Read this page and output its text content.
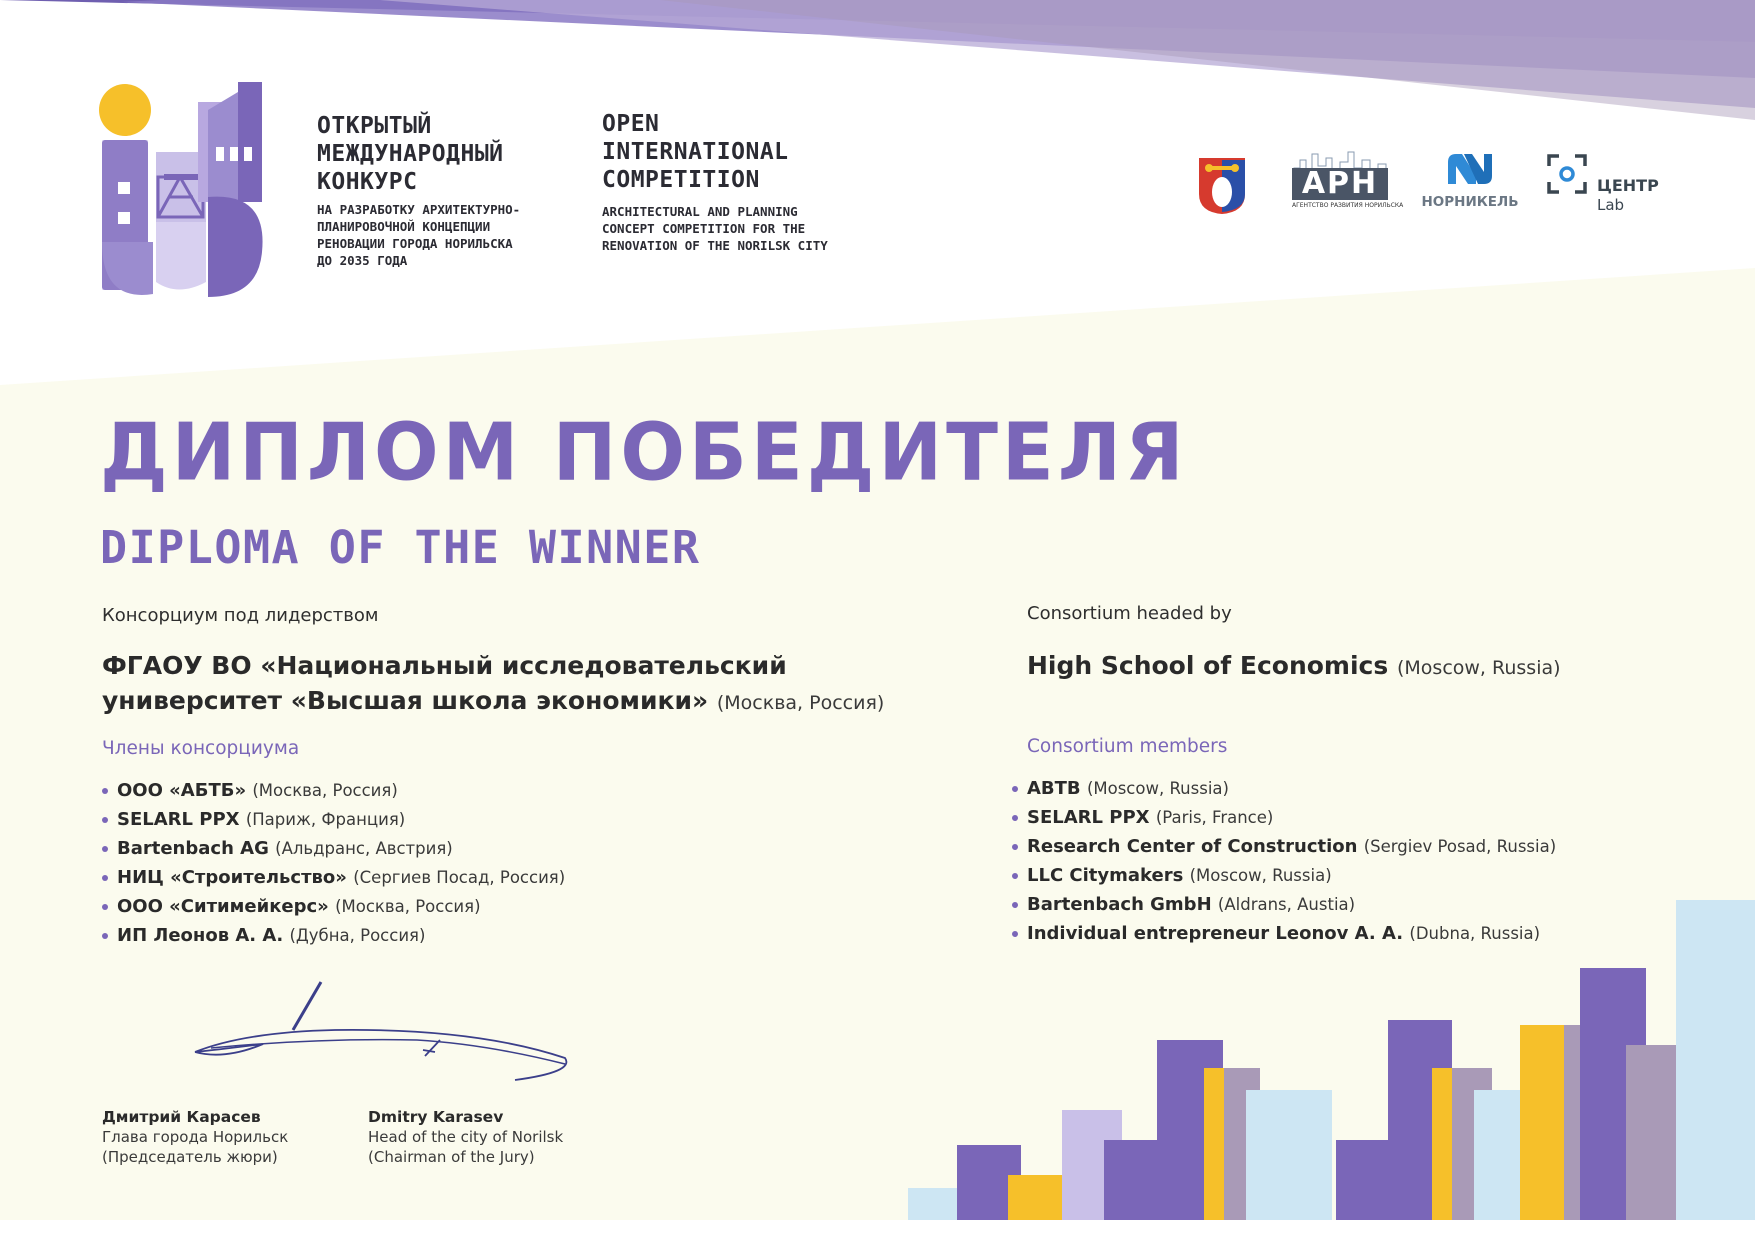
ОТКРЫТЫЙ
МЕЖДУНАРОДНЫЙ
КОНКУРС
НА РАЗРАБОТКУ АРХИТЕКТУРНО-
ПЛАНИРОВОЧНОЙ КОНЦЕПЦИИ
РЕНОВАЦИИ ГОРОДА НОРИЛЬСКА
ДО 2035 ГОДА
OPEN
INTERNATIONAL
COMPETITION
ARCHITECTURAL AND PLANNING
CONCEPT COMPETITION FOR THE
RENOVATION OF THE NORILSK CITY
АРН
АГЕНТСТВО РАЗВИТИЯ НОРИЛЬСКА НОРНИКЕЛЬ
ЦЕНТР
Lab
ДИПЛОМ ПОБЕДИТЕЛЯ
DIPLOMA OF THE WINNER
Консорциум под лидерством
ФГАОУ ВО «Национальный исследовательский
университет «Высшая школа экономики» (Москва, Россия)
Члены консорциума
ООО «АБТБ» (Москва, Россия)
SELARL PPX (Париж, Франция)
Bartenbach AG (Альдранс, Австрия)
НИЦ «Строительство» (Сергиев Посад, Россия)
ООО «Ситимейкерс» (Москва, Россия)
ИП Леонов А. А. (Дубна, Россия)
Consortium headed by
High School of Economics (Moscow, Russia)
Consortium members
ABTB (Moscow, Russia)
SELARL PPX (Paris, France)
Research Center of Construction (Sergiev Posad, Russia)
LLC Citymakers (Moscow, Russia)
Bartenbach GmbH (Aldrans, Austia)
Individual entrepreneur Leonov A. A. (Dubna, Russia)
Дмитрий Карасев
Глава города Норильск
(Председатель жюри)
Dmitry Karasev
Head of the city of Norilsk
(Chairman of the Jury)
